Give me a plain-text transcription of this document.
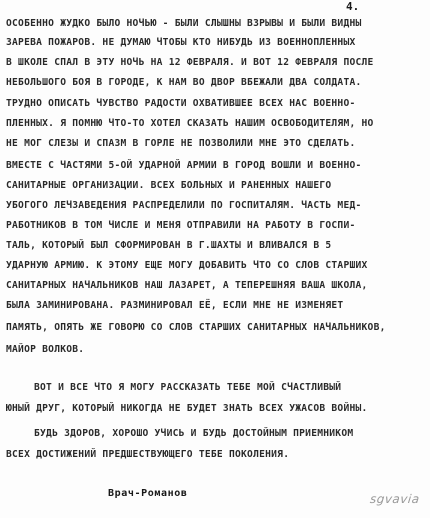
4.
ОСОБЕННО ЖУДКО БЫЛО НОЧЬЮ - БЫЛИ СЛЫШНЫ ВЗРЫВЫ И БЫЛИ ВИДНЫ
ЗАРЕВА ПОЖАРОВ. НЕ ДУМАЮ ЧТОБЫ КТО НИБУДЬ ИЗ ВОЕННОПЛЕННЫХ
В ШКОЛЕ СПАЛ В ЭТУ НОЧЬ НА 12 ФЕВРАЛЯ. И ВОТ 12 ФЕВРАЛЯ ПОСЛЕ
НЕБОЛЬШОГО БОЯ В ГОРОДЕ, К НАМ ВО ДВОР ВБЕЖАЛИ ДВА СОЛДАТА.
ТРУДНО ОПИСАТЬ ЧУВСТВО РАДОСТИ ОХВАТИВШЕЕ ВСЕХ НАС ВОЕННО-
ПЛЕННЫХ. Я ПОМНЮ ЧТО-ТО ХОТЕЛ СКАЗАТЬ НАШИМ ОСВОБОДИТЕЛЯМ, НО
НЕ МОГ СЛЕЗЫ И СПАЗМ В ГОРЛЕ НЕ ПОЗВОЛИЛИ МНЕ ЭТО СДЕЛАТЬ.
ВМЕСТЕ С ЧАСТЯМИ 5-ОЙ УДАРНОЙ АРМИИ В ГОРОД ВОШЛИ И ВОЕННО-
САНИТАРНЫЕ ОРГАНИЗАЦИИ. ВСЕХ БОЛЬНЫХ И РАНЕННЫХ НАШЕГО
УБОГОГО ЛЕЧЗАВЕДЕНИЯ РАСПРЕДЕЛИЛИ ПО ГОСПИТАЛЯМ. ЧАСТЬ МЕД-
РАБОТНИКОВ В ТОМ ЧИСЛЕ И МЕНЯ ОТПРАВИЛИ НА РАБОТУ В ГОСПИ-
ТАЛЬ, КОТОРЫЙ БЫЛ СФОРМИРОВАН В Г.ШАХТЫ И ВЛИВАЛСЯ В 5
УДАРНУЮ АРМИЮ. К ЭТОМУ ЕЩЕ МОГУ ДОБАВИТЬ ЧТО СО СЛОВ СТАРШИХ
САНИТАРНЫХ НАЧАЛЬНИКОВ НАШ ЛАЗАРЕТ, А ТЕПЕРЕШНЯЯ ВАША ШКОЛА,
БЫЛА ЗАМИНИРОВАНА. РАЗМИНИРОВАЛ ЕЁ, ЕСЛИ МНЕ НЕ ИЗМЕНЯЕТ
ПАМЯТЬ, ОПЯТЬ ЖЕ ГОВОРЮ СО СЛОВ СТАРШИХ САНИТАРНЫХ НАЧАЛЬНИКОВ,
МАЙОР ВОЛКОВ.
ВОТ И ВСЕ ЧТО Я МОГУ РАССКАЗАТЬ ТЕБЕ МОЙ СЧАСТЛИВЫЙ
ЮНЫЙ ДРУГ, КОТОРЫЙ НИКОГДА НЕ БУДЕТ ЗНАТЬ ВСЕХ УЖАСОВ ВОЙНЫ.
БУДЬ ЗДОРОВ, ХОРОШО УЧИСЬ И БУДЬ ДОСТОЙНЫМ ПРИЕМНИКОМ
ВСЕХ ДОСТИЖЕНИЙ ПРЕДШЕСТВУЮЩЕГО ТЕБЕ ПОКОЛЕНИЯ.
Врач-Романов	sgvavia
